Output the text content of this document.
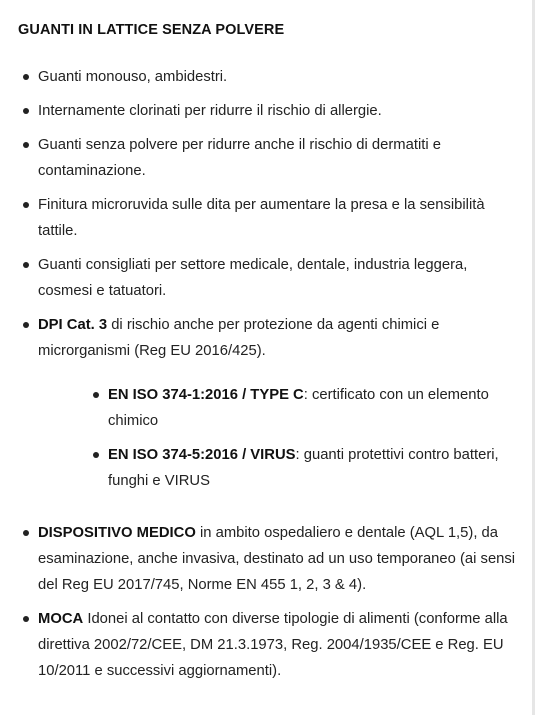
GUANTI IN LATTICE SENZA POLVERE
Guanti monouso, ambidestri.
Internamente clorinati per ridurre il rischio di allergie.
Guanti senza polvere per ridurre anche il rischio di dermatiti e contaminazione.
Finitura microruvida sulle dita per aumentare la presa e la sensibilità tattile.
Guanti consigliati per settore medicale, dentale, industria leggera, cosmesi e tatuatori.
DPI Cat. 3 di rischio anche per protezione da agenti chimici e microrganismi (Reg EU 2016/425).
EN ISO 374-1:2016 / TYPE C: certificato con un elemento chimico
EN ISO 374-5:2016 / VIRUS: guanti protettivi contro batteri, funghi e VIRUS
DISPOSITIVO MEDICO in ambito ospedaliero e dentale (AQL 1,5), da esaminazione, anche invasiva, destinato ad un uso temporaneo (ai sensi del Reg EU 2017/745, Norme EN 455 1, 2, 3 & 4).
MOCA Idonei al contatto con diverse tipologie di alimenti (conforme alla direttiva 2002/72/CEE, DM 21.3.1973, Reg. 2004/1935/CEE e Reg. EU 10/2011 e successivi aggiornamenti).
